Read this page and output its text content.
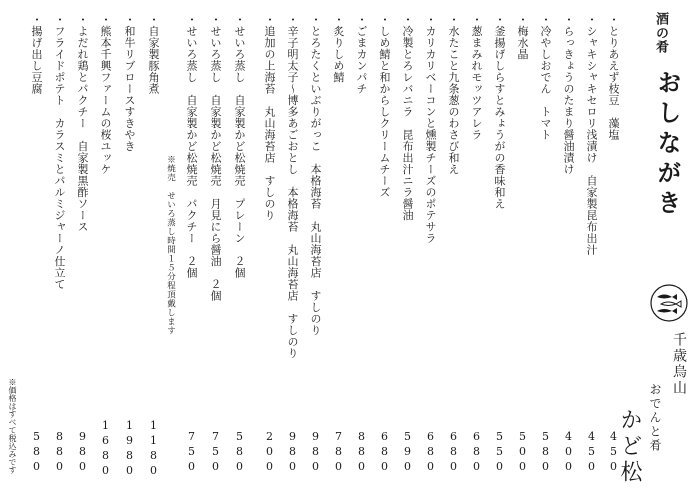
酒の肴
おしながき
千歳烏山
おでんと肴
かど松
・とりあえず枝豆　藻塩
450
・シャキシャキセロリ浅漬け　自家製昆布出汁
450
・らっきょうのたまり醤油漬け
400
・冷やしおでん　トマト
580
・梅水晶
500
・釜揚げしらすとみょうがの香味和え
550
・葱まみれモッツアレラ
680
・水たこと九条葱のわさび和え
680
・カリカリベーコンと燻製チーズのポテサラ
680
・冷製とろレバニラ　昆布出汁ニラ醤油
590
・しめ鯖と和からしクリームチーズ
680
・ごまカンパチ
880
・炙りしめ鯖
780
・とろたくといぶりがっこ　本格海苔　丸山海苔店　すしのり
980
・辛子明太子～博多あごおとし　本格海苔　丸山海苔店　すしのり
980
・追加の上海苔　丸山海苔店　すしのり
200
・せいろ蒸し　自家製かど松焼売　プレーン　２個
580
・せいろ蒸し　自家製かど松焼売　月見にら醤油　２個
750
・せいろ蒸し　自家製かど松焼売　パクチー　２個
750
※焼売　せいろ蒸し時間１５分程頂戴します
・自家製豚角煮
1180
・和牛リブロースすきやき
1980
・熊本千興ファームの桜ユッケ
1680
・よだれ鶏とパクチー　自家製黒酢ソース
980
・フライドポテト　カラスミとパルミジャーノ仕立て
880
・揚げ出し豆腐
580
※価格はすべて税込みです
